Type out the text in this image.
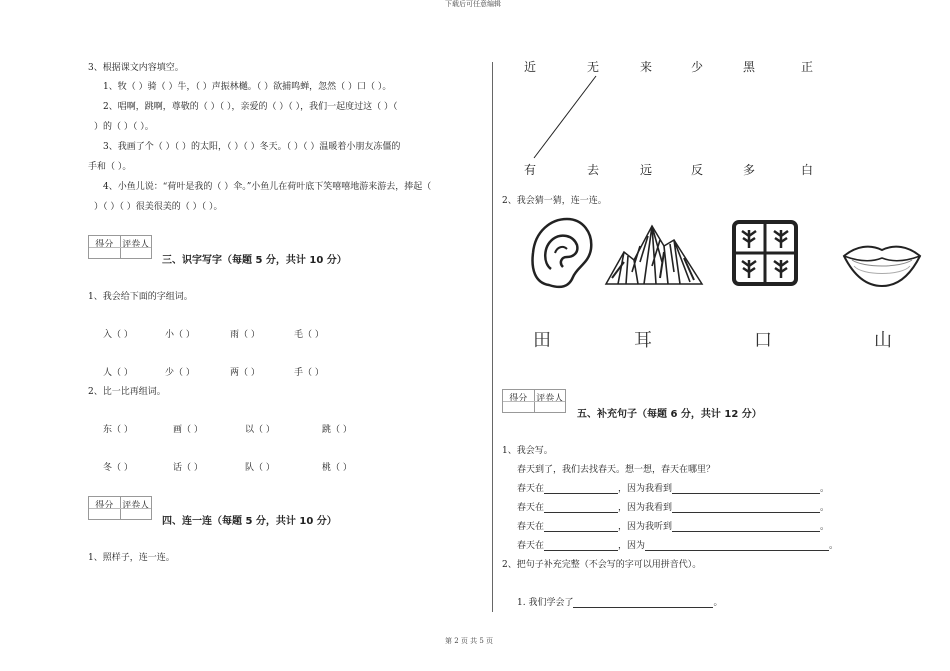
下载后可任意编辑
第 2 页 共 5 页
3、根据课文内容填空。
1、牧（ ）骑（ ）牛，（ ）声振林樾。（ ）欲捕鸣蝉，忽然（ ）口（ ）。
2、唱啊，跳啊，尊敬的（ ）（ ），亲爱的（ ）（ ），我们一起度过这（ ）（
）的（ ）（ ）。
3、我画了个（ ）（ ）的太阳，（ ）（ ）冬天。（ ）（ ）温暖着小朋友冻僵的
手和（ ）。
4、小鱼儿说：“荷叶是我的（ ）伞。”小鱼儿在荷叶底下笑嘻嘻地游来游去，捧起（
）（ ）（ ）很美很美的（ ）（ ）。
得分 评卷人
三、识字写字（每题 5 分，共计 10 分）
1、我会给下面的字组词。
入（ ）	小（ ）	雨（ ）	毛（ ）
人（ ）	少（ ）	两（ ）	手（ ）
2、比一比再组词。
东（ ）	画（ ）	以（ ）	跳（ ）
冬（ ）	话（ ）	队（ ）	桃（ ）
得分 评卷人
四、连一连（每题 5 分，共计 10 分）
1、照样子，连一连。
近	无	来	少	黑	正
有	去	远	反	多	白
2、我会猜一猜，连一连。
田	耳	口	山
得分 评卷人
五、补充句子（每题 6 分，共计 12 分）
1、我会写。
春天到了，我们去找春天。想一想，春天在哪里？
春天在	，因为我看到	。
春天在	，因为我看到	。
春天在	，因为我听到	。
春天在	，因为	。
2、把句子补充完整（不会写的字可以用拼音代）。
1. 我们学会了	。
